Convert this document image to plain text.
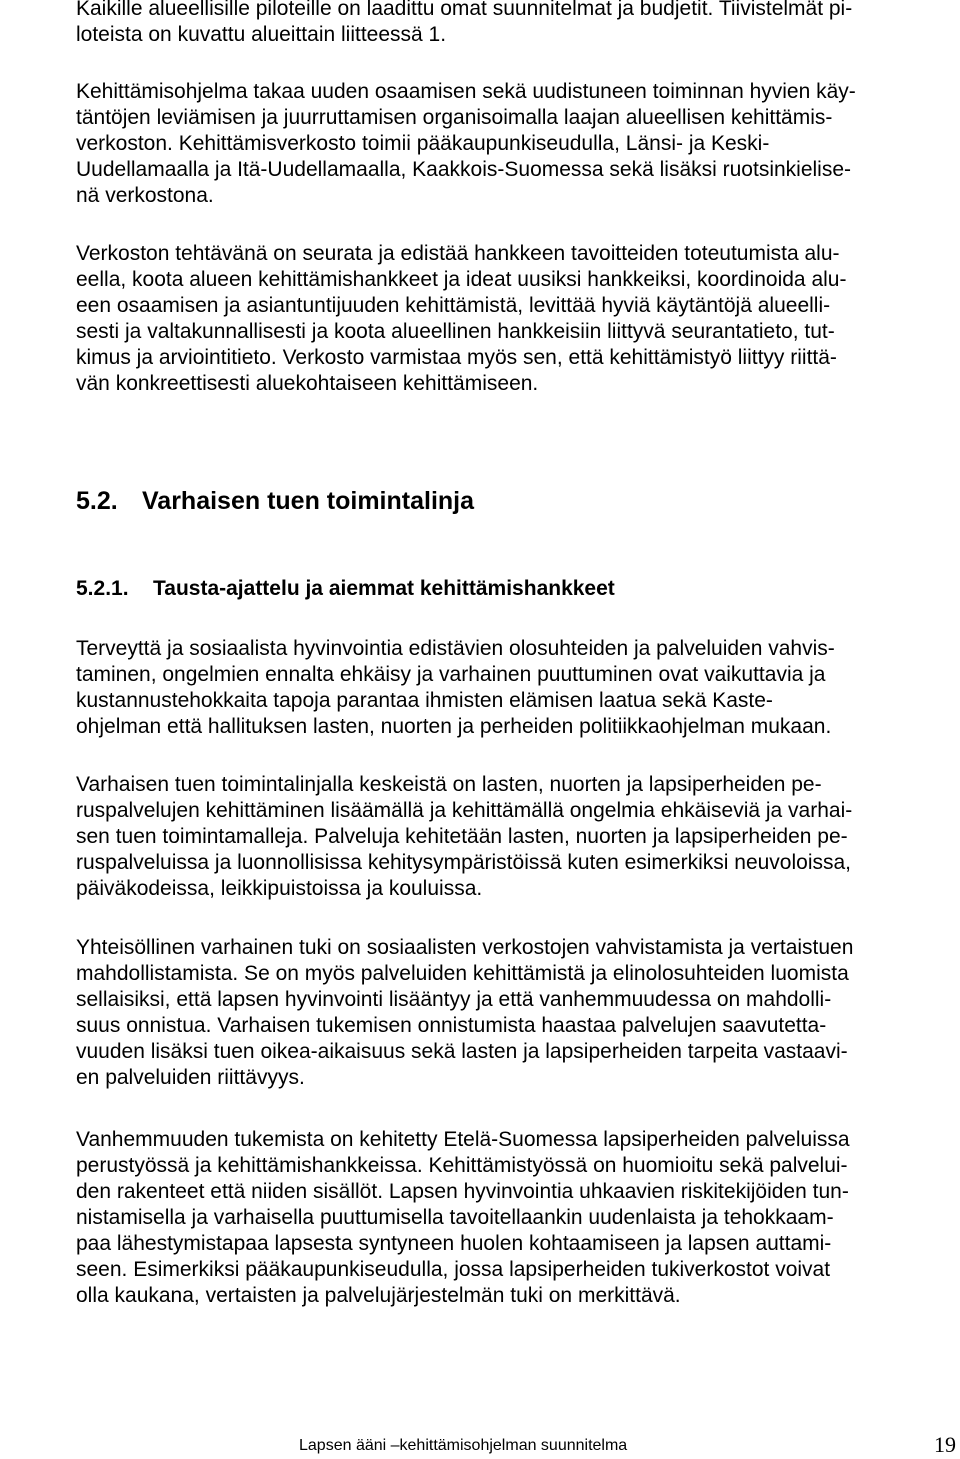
Kaikille alueellisille piloteille on laadittu omat suunnitelmat ja budjetit. Tiivistelmät pi-
loteista on kuvattu alueittain liitteessä 1.
Kehittämisohjelma takaa uuden osaamisen sekä uudistuneen toiminnan hyvien käy-
täntöjen leviämisen ja juurruttamisen organisoimalla laajan alueellisen kehittämis-
verkoston. Kehittämisverkosto toimii pääkaupunkiseudulla, Länsi- ja Keski-
Uudellamaalla ja Itä-Uudellamaalla, Kaakkois-Suomessa sekä lisäksi ruotsinkielise-
nä verkostona.
Verkoston tehtävänä on seurata ja edistää hankkeen tavoitteiden toteutumista alu-
eella, koota alueen kehittämishankkeet ja ideat uusiksi hankkeiksi, koordinoida alu-
een osaamisen ja asiantuntijuuden kehittämistä, levittää hyviä käytäntöjä alueelli-
sesti ja valtakunnallisesti ja koota alueellinen hankkeisiin liittyvä seurantatieto, tut-
kimus ja arviointitieto. Verkosto varmistaa myös sen, että kehittämistyö liittyy riittä-
vän konkreettisesti aluekohtaiseen kehittämiseen.
5.2. Varhaisen tuen toimintalinja
5.2.1. Tausta-ajattelu ja aiemmat kehittämishankkeet
Terveyttä ja sosiaalista hyvinvointia edistävien olosuhteiden ja palveluiden vahvis-
taminen, ongelmien ennalta ehkäisy ja varhainen puuttuminen ovat vaikuttavia ja
kustannustehokkaita tapoja parantaa ihmisten elämisen laatua sekä Kaste-
ohjelman että hallituksen lasten, nuorten ja perheiden politiikkaohjelman mukaan.
Varhaisen tuen toimintalinjalla keskeistä on lasten, nuorten ja lapsiperheiden pe-
ruspalvelujen kehittäminen lisäämällä ja kehittämällä ongelmia ehkäiseviä ja varhai-
sen tuen toimintamalleja. Palveluja kehitetään lasten, nuorten ja lapsiperheiden pe-
ruspalveluissa ja luonnollisissa kehitysympäristöissä kuten esimerkiksi neuvoloissa,
päiväkodeissa, leikkipuistoissa ja kouluissa.
Yhteisöllinen varhainen tuki on sosiaalisten verkostojen vahvistamista ja vertaistuen
mahdollistamista. Se on myös palveluiden kehittämistä ja elinolosuhteiden luomista
sellaisiksi, että lapsen hyvinvointi lisääntyy ja että vanhemmuudessa on mahdolli-
suus onnistua. Varhaisen tukemisen onnistumista haastaa palvelujen saavutetta-
vuuden lisäksi tuen oikea-aikaisuus sekä lasten ja lapsiperheiden tarpeita vastaavi-
en palveluiden riittävyys.
Vanhemmuuden tukemista on kehitetty Etelä-Suomessa lapsiperheiden palveluissa
perustyössä ja kehittämishankkeissa. Kehittämistyössä on huomioitu sekä palvelui-
den rakenteet että niiden sisällöt. Lapsen hyvinvointia uhkaavien riskitekijöiden tun-
nistamisella ja varhaisella puuttumisella tavoitellaankin uudenlaista ja tehokkaam-
paa lähestymistapaa lapsesta syntyneen huolen kohtaamiseen ja lapsen auttami-
seen. Esimerkiksi pääkaupunkiseudulla, jossa lapsiperheiden tukiverkostot voivat
olla kaukana, vertaisten ja palvelujärjestelmän tuki on merkittävä.
Lapsen ääni –kehittämisohjelman suunnitelma	19
